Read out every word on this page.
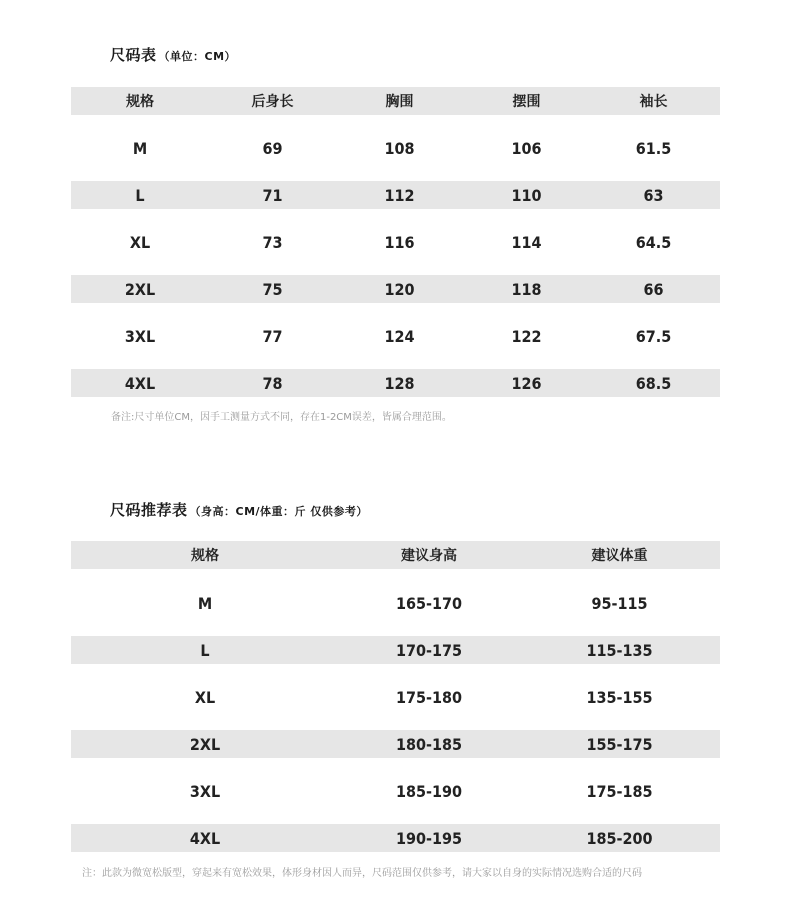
尺码表 （单位：CM）
规格	后身长	胸围	摆围	袖长
M	69	108	106	61.5
L	71	112	110	63
XL	73	116	114	64.5
2XL	75	120	118	66
3XL	77	124	122	67.5
4XL	78	128	126	68.5
备注:尺寸单位CM，因手工测量方式不同，存在1-2CM误差，皆属合理范围。
尺码推荐表 （身高：CM/体重：斤 仅供参考）
规格	建议身高	建议体重
M	165-170	95-115
L	170-175	115-135
XL	175-180	135-155
2XL	180-185	155-175
3XL	185-190	175-185
4XL	190-195	185-200
注：此款为微宽松版型，穿起来有宽松效果，体形身材因人而异，尺码范围仅供参考，请大家以自身的实际情况选购合适的尺码
